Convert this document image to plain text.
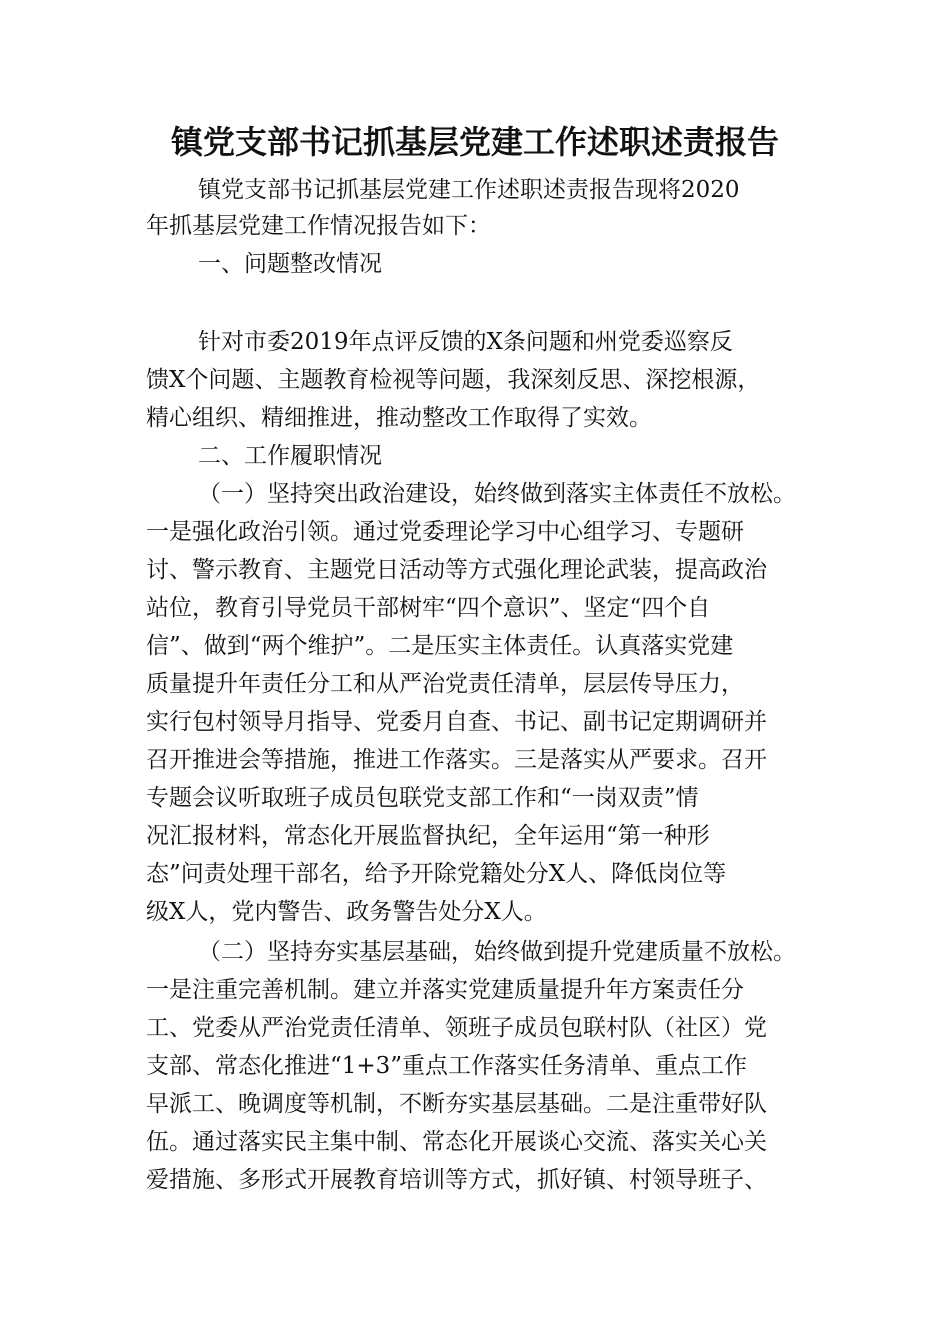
镇党支部书记抓基层党建工作述职述责报告
镇党支部书记抓基层党建工作述职述责报告现将2020
年抓基层党建工作情况报告如下：
一、问题整改情况
针对市委2019年点评反馈的X条问题和州党委巡察反
馈X个问题、主题教育检视等问题，我深刻反思、深挖根源，
精心组织、精细推进，推动整改工作取得了实效。
二、工作履职情况
（一）坚持突出政治建设，始终做到落实主体责任不放松。
一是强化政治引领。通过党委理论学习中心组学习、专题研
讨、警示教育、主题党日活动等方式强化理论武装，提高政治
站位，教育引导党员干部树牢“四个意识”、坚定“四个自
信”、做到“两个维护”。二是压实主体责任。认真落实党建
质量提升年责任分工和从严治党责任清单，层层传导压力，
实行包村领导月指导、党委月自查、书记、副书记定期调研并
召开推进会等措施，推进工作落实。三是落实从严要求。召开
专题会议听取班子成员包联党支部工作和“一岗双责”情
况汇报材料，常态化开展监督执纪，全年运用“第一种形
态”问责处理干部名，给予开除党籍处分X人、降低岗位等
级X人，党内警告、政务警告处分X人。
（二）坚持夯实基层基础，始终做到提升党建质量不放松。
一是注重完善机制。建立并落实党建质量提升年方案责任分
工、党委从严治党责任清单、领班子成员包联村队（社区）党
支部、常态化推进“1+3”重点工作落实任务清单、重点工作
早派工、晚调度等机制，不断夯实基层基础。二是注重带好队
伍。通过落实民主集中制、常态化开展谈心交流、落实关心关
爱措施、多形式开展教育培训等方式，抓好镇、村领导班子、
